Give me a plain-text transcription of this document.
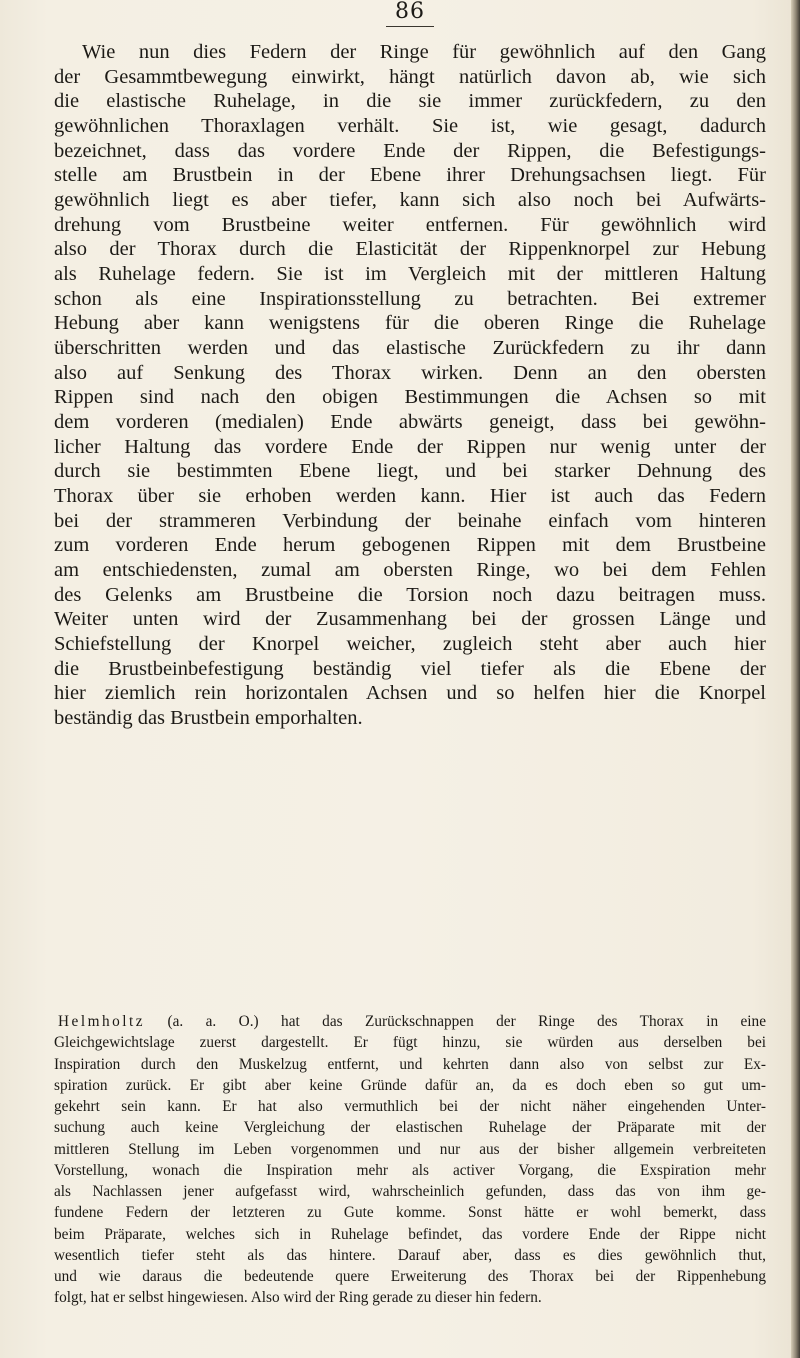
86
Wie nun dies Federn der Ringe für gewöhnlich auf den Gang
der Gesammtbewegung einwirkt, hängt natürlich davon ab, wie sich
die elastische Ruhelage, in die sie immer zurückfedern, zu den
gewöhnlichen Thoraxlagen verhält. Sie ist, wie gesagt, dadurch
bezeichnet, dass das vordere Ende der Rippen, die Befestigungs-
stelle am Brustbein in der Ebene ihrer Drehungsachsen liegt. Für
gewöhnlich liegt es aber tiefer, kann sich also noch bei Aufwärts-
drehung vom Brustbeine weiter entfernen. Für gewöhnlich wird
also der Thorax durch die Elasticität der Rippenknorpel zur Hebung
als Ruhelage federn. Sie ist im Vergleich mit der mittleren Haltung
schon als eine Inspirationsstellung zu betrachten. Bei extremer
Hebung aber kann wenigstens für die oberen Ringe die Ruhelage
überschritten werden und das elastische Zurückfedern zu ihr dann
also auf Senkung des Thorax wirken. Denn an den obersten
Rippen sind nach den obigen Bestimmungen die Achsen so mit
dem vorderen (medialen) Ende abwärts geneigt, dass bei gewöhn-
licher Haltung das vordere Ende der Rippen nur wenig unter der
durch sie bestimmten Ebene liegt, und bei starker Dehnung des
Thorax über sie erhoben werden kann. Hier ist auch das Federn
bei der strammeren Verbindung der beinahe einfach vom hinteren
zum vorderen Ende herum gebogenen Rippen mit dem Brustbeine
am entschiedensten, zumal am obersten Ringe, wo bei dem Fehlen
des Gelenks am Brustbeine die Torsion noch dazu beitragen muss.
Weiter unten wird der Zusammenhang bei der grossen Länge und
Schiefstellung der Knorpel weicher, zugleich steht aber auch hier
die Brustbeinbefestigung beständig viel tiefer als die Ebene der
hier ziemlich rein horizontalen Achsen und so helfen hier die Knorpel
beständig das Brustbein emporhalten.
Helmholtz (a. a. O.) hat das Zurückschnappen der Ringe des Thorax in eine
Gleichgewichtslage zuerst dargestellt. Er fügt hinzu, sie würden aus derselben bei
Inspiration durch den Muskelzug entfernt, und kehrten dann also von selbst zur Ex-
spiration zurück. Er gibt aber keine Gründe dafür an, da es doch eben so gut um-
gekehrt sein kann. Er hat also vermuthlich bei der nicht näher eingehenden Unter-
suchung auch keine Vergleichung der elastischen Ruhelage der Präparate mit der
mittleren Stellung im Leben vorgenommen und nur aus der bisher allgemein verbreiteten
Vorstellung, wonach die Inspiration mehr als activer Vorgang, die Exspiration mehr
als Nachlassen jener aufgefasst wird, wahrscheinlich gefunden, dass das von ihm ge-
fundene Federn der letzteren zu Gute komme. Sonst hätte er wohl bemerkt, dass
beim Präparate, welches sich in Ruhelage befindet, das vordere Ende der Rippe nicht
wesentlich tiefer steht als das hintere. Darauf aber, dass es dies gewöhnlich thut,
und wie daraus die bedeutende quere Erweiterung des Thorax bei der Rippenhebung
folgt, hat er selbst hingewiesen. Also wird der Ring gerade zu dieser hin federn.
